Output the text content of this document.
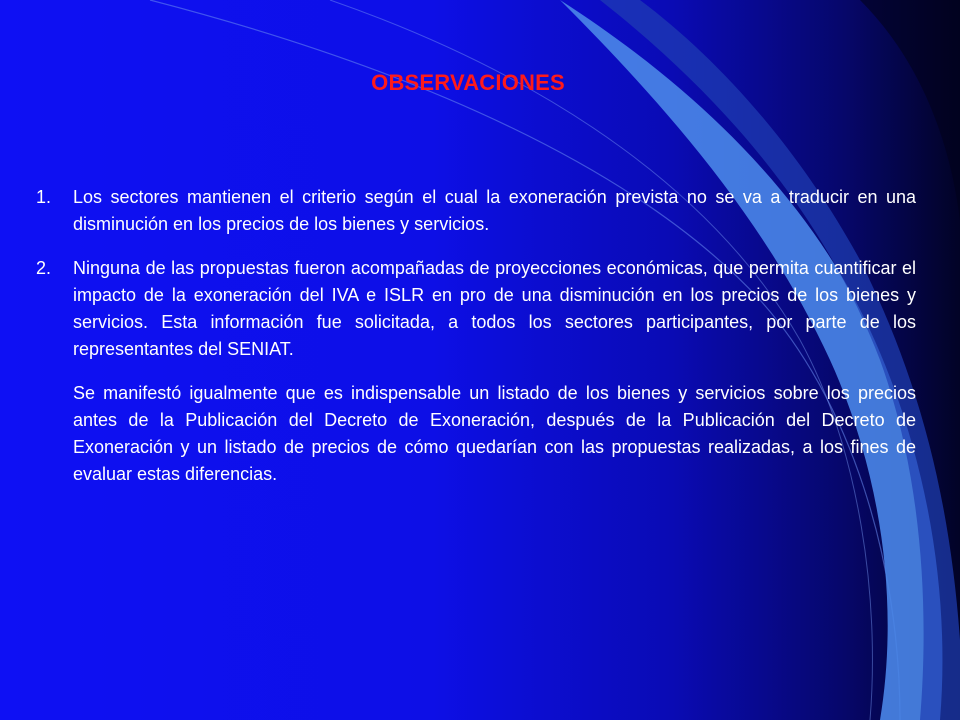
OBSERVACIONES
1.	Los sectores mantienen el criterio según el cual la exoneración prevista no se va a traducir en una disminución en los precios de los bienes y servicios.
2.	Ninguna de las propuestas fueron acompañadas de proyecciones económicas, que permita cuantificar el impacto de la exoneración del IVA e ISLR en pro de una disminución en los precios de los bienes y servicios. Esta información fue solicitada, a todos los sectores participantes, por parte de los representantes del SENIAT.

Se manifestó igualmente que es indispensable un listado de los bienes y servicios sobre los precios antes de la Publicación del Decreto de Exoneración, después de la Publicación del Decreto de Exoneración y un listado de precios de cómo quedarían con las propuestas realizadas, a los fines de evaluar estas diferencias.
